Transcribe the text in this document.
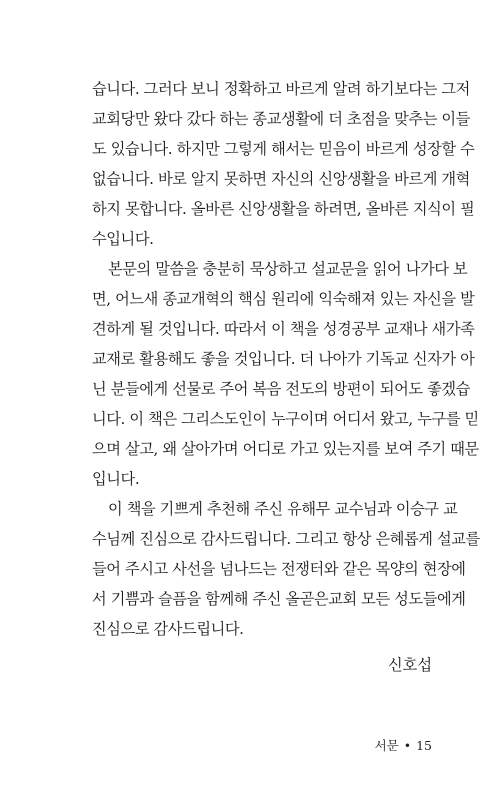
습니다. 그러다 보니 정확하고 바르게 알려 하기보다는 그저
교회당만 왔다 갔다 하는 종교생활에 더 초점을 맞추는 이들
도 있습니다. 하지만 그렇게 해서는 믿음이 바르게 성장할 수
없습니다. 바로 알지 못하면 자신의 신앙생활을 바르게 개혁
하지 못합니다. 올바른 신앙생활을 하려면, 올바른 지식이 필
수입니다.
본문의 말씀을 충분히 묵상하고 설교문을 읽어 나가다 보
면, 어느새 종교개혁의 핵심 원리에 익숙해져 있는 자신을 발
견하게 될 것입니다. 따라서 이 책을 성경공부 교재나 새가족
교재로 활용해도 좋을 것입니다. 더 나아가 기독교 신자가 아
닌 분들에게 선물로 주어 복음 전도의 방편이 되어도 좋겠습
니다. 이 책은 그리스도인이 누구이며 어디서 왔고, 누구를 믿
으며 살고, 왜 살아가며 어디로 가고 있는지를 보여 주기 때문
입니다.
이 책을 기쁘게 추천해 주신 유해무 교수님과 이승구 교
수님께 진심으로 감사드립니다. 그리고 항상 은혜롭게 설교를
들어 주시고 사선을 넘나드는 전쟁터와 같은 목양의 현장에
서 기쁨과 슬픔을 함께해 주신 올곧은교회 모든 성도들에게
진심으로 감사드립니다.
신호섭
서문 • 15
